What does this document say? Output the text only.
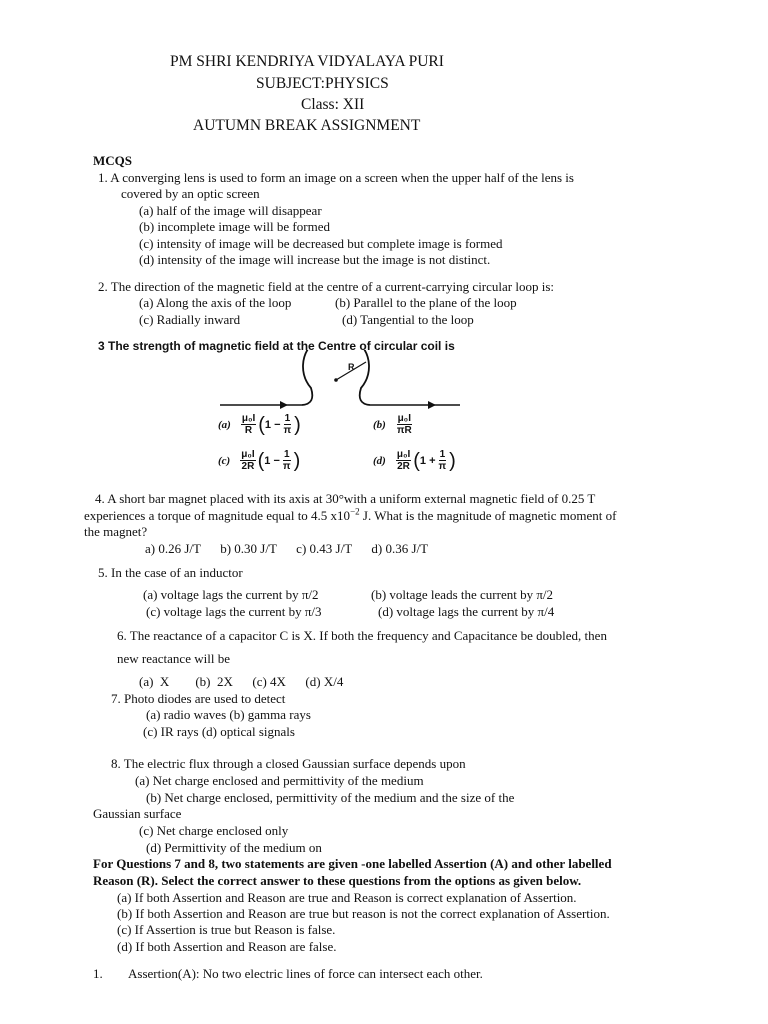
PM SHRI KENDRIYA VIDYALAYA PURI
SUBJECT:PHYSICS
Class: XII
AUTUMN BREAK ASSIGNMENT
MCQS
1. A converging lens is used to form an image on a screen when the upper half of the lens is
covered by an optic screen
(a) half of the image will disappear
(b) incomplete image will be formed
(c) intensity of image will be decreased but complete image is formed
(d) intensity of the image will increase but the image is not distinct.
2. The direction of the magnetic field at the centre of a current-carrying circular loop is:
(a) Along the axis of the loop	(b) Parallel to the plane of the loop
(c) Radially inward	(d) Tangential to the loop
3 The strength of magnetic field at the Centre of circular coil is
R
$(a) \frac{\text{μ₀I}}{R}$ ( $1 - \frac{1}{\pi}$ )	$(b) \frac{\text{μ₀I}}{\pi R}$
$(c) \frac{\text{μ₀I}}{2R}$ ( $1 - \frac{1}{\pi}$ )	$(d) \frac{\text{μ₀I}}{2R}$ ( $1 + \frac{1}{\pi}$ )
4. A short bar magnet placed with its axis at 30°with a uniform external magnetic field of 0.25 T
experiences a torque of magnitude equal to 4.5 $x10^{-2}$ J. What is the magnitude of magnetic moment of
the magnet?
a) 0.26 J/T      b) 0.30 J/T      c) 0.43 J/T      d) 0.36 J/T
5. In the case of an inductor
(a) voltage lags the current by π/2	(b) voltage leads the current by π/2
(c) voltage lags the current by π/3	(d) voltage lags the current by π/4
6. The reactance of a capacitor C is X. If both the frequency and Capacitance be doubled, then
new reactance will be
(a)  X        (b)  2X      (c) 4X      (d) X/4
7. Photo diodes are used to detect
(a) radio waves (b) gamma rays
(c) IR rays (d) optical signals
8. The electric flux through a closed Gaussian surface depends upon
(a) Net charge enclosed and permittivity of the medium
(b) Net charge enclosed, permittivity of the medium and the size of the
Gaussian surface
(c) Net charge enclosed only
(d) Permittivity of the medium on
For Questions 7 and 8, two statements are given -one labelled Assertion (A) and other labelled
Reason (R). Select the correct answer to these questions from the options as given below.
(a) If both Assertion and Reason are true and Reason is correct explanation of Assertion.
(b) If both Assertion and Reason are true but reason is not the correct explanation of Assertion.
(c) If Assertion is true but Reason is false.
(d) If both Assertion and Reason are false.
1.        Assertion(A): No two electric lines of force can intersect each other.
